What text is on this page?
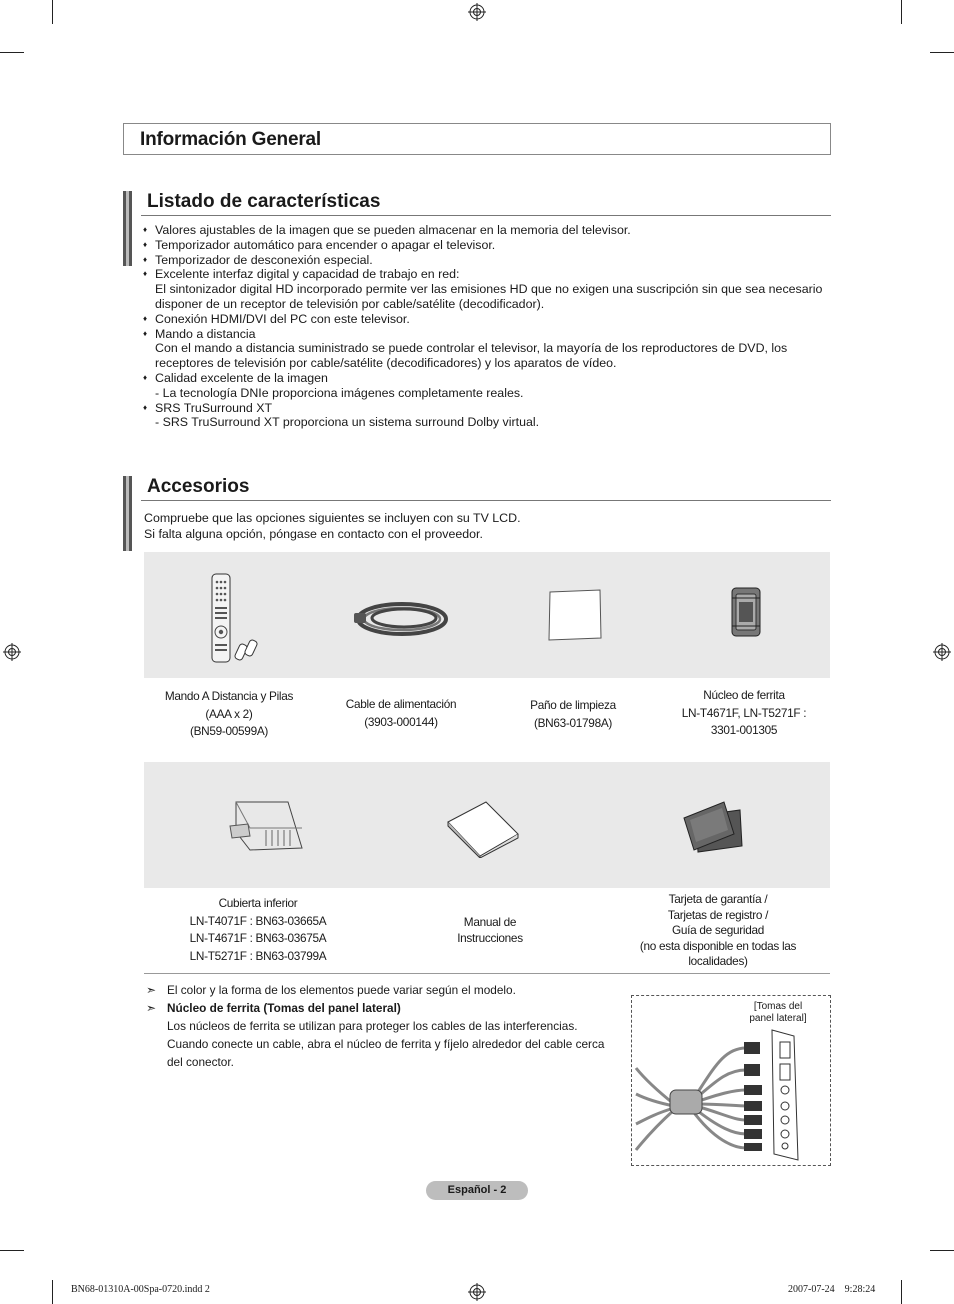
Información General
Listado de características
♦ Valores ajustables de la imagen que se pueden almacenar en la memoria del televisor.
♦ Temporizador automático para encender o apagar el televisor.
♦ Temporizador de desconexión especial.
♦ Excelente interfaz digital y capacidad de trabajo en red:
El sintonizador digital HD incorporado permite ver las emisiones HD que no exigen una suscripción sin que sea necesario disponer de un receptor de televisión por cable/satélite (decodificador).
♦ Conexión HDMI/DVI del PC con este televisor.
♦ Mando a distancia
Con el mando a distancia suministrado se puede controlar el televisor, la mayoría de los reproductores de DVD, los receptores de televisión por cable/satélite (decodificadores) y los aparatos de vídeo.
♦ Calidad excelente de la imagen
- La tecnología DNIe proporciona imágenes completamente reales.
♦ SRS TruSurround XT
- SRS TruSurround XT proporciona un sistema surround Dolby virtual.
Accesorios
Compruebe que las opciones siguientes se incluyen con su TV LCD.
Si falta alguna opción, póngase en contacto con el proveedor.
Mando A Distancia y Pilas
(AAA x 2)
(BN59-00599A)
Cable de alimentación
(3903-000144)
Paño de limpieza
(BN63-01798A)
Núcleo de ferrita
LN-T4671F, LN-T5271F :
3301-001305
Cubierta inferior
LN-T4071F : BN63-03665A
LN-T4671F : BN63-03675A
LN-T5271F : BN63-03799A
Manual de
Instrucciones
Tarjeta de garantía /
Tarjetas de registro /
Guía de seguridad
(no esta disponible en todas las
localidades)
➣ El color y la forma de los elementos puede variar según el modelo.
➣ Núcleo de ferrita (Tomas del panel lateral)
Los núcleos de ferrita se utilizan para proteger los cables de las interferencias.
Cuando conecte un cable, abra el núcleo de ferrita y fíjelo alrededor del cable cerca del conector.
[Tomas del
panel lateral]
Español - 2
BN68-01310A-00Spa-0720.indd 2	2007-07-24    9:28:24
